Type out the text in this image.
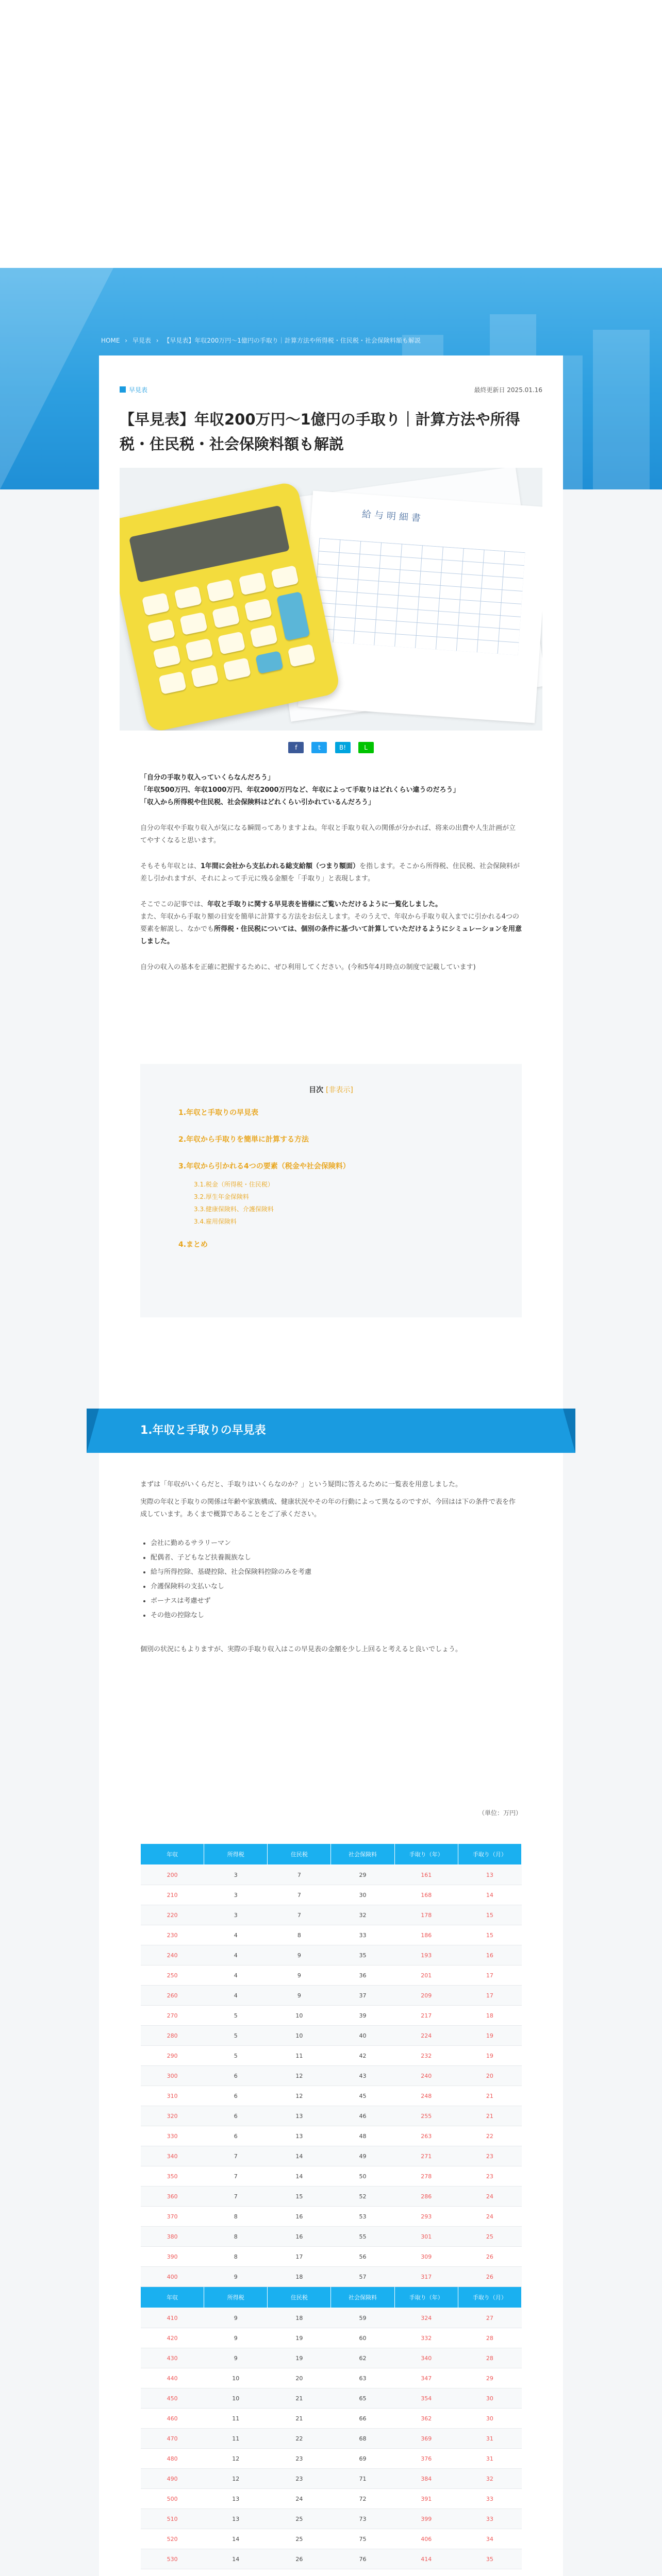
HOME › 早見表 › 【早見表】年収200万円〜1億円の手取り｜計算方法や所得税・住民税・社会保険料額も解説
早見表	最終更新日 2025.01.16
【早見表】年収200万円〜1億円の手取り｜計算方法や所得税・住民税・社会保険料額も解説
給与明細書
f	t	B!	L

「自分の手取り収入っていくらなんだろう」
「年収500万円、年収1000万円、年収2000万円など、年収によって手取りはどれくらい違うのだろう」
「収入から所得税や住民税、社会保険料はどれくらい引かれているんだろう」

自分の年収や手取り収入が気になる瞬間ってありますよね。年収と手取り収入の関係が分かれば、将来の出費や人生計画が立てやすくなると思います。

そもそも年収とは、1年間に会社から支払われる総支給額（つまり額面）を指します。そこから所得税、住民税、社会保険料が差し引かれますが、それによって手元に残る金額を「手取り」と表現します。

そこでこの記事では、年収と手取りに関する早見表を皆様にご覧いただけるように一覧化しました。
また、年収から手取り額の目安を簡単に計算する方法をお伝えします。そのうえで、年収から手取り収入までに引かれる4つの要素を解説し、なかでも所得税・住民税については、個別の条件に基づいて計算していただけるようにシミュレーションを用意しました。

自分の収入の基本を正確に把握するために、ぜひ利用してください。(今和5年4月時点の制度で記載しています)

目次 [非表示]
1.年収と手取りの早見表
2.年収から手取りを簡単に計算する方法
3.年収から引かれる4つの要素（税金や社会保険料）
3.1.税金（所得税・住民税）
3.2.厚生年金保険料
3.3.健康保険料、介護保険料
3.4.雇用保険料
4.まとめ
1.年収と手取りの早見表

まずは「年収がいくらだと、手取りはいくらなのか？」という疑問に答えるために一覧表を用意しました。

実際の年収と手取りの関係は年齢や家族構成、健康状況やその年の行動によって異なるのですが、今回はは下の条件で表を作成しています。あくまで概算であることをご了承ください。

• 会社に勤めるサラリーマン
• 配偶者、子どもなど扶養親族なし
• 給与所得控除、基礎控除、社会保険料控除のみを考慮
• 介護保険料の支払いなし
• ボーナスは考慮せず
• その他の控除なし

個別の状況にもよりますが、実際の手取り収入はこの早見表の金額を少し上回ると考えると良いでしょう。

（単位：万円）
年収	所得税	住民税	社会保険料	手取り（年）	手取り（月）
200	3	7	29	161	13
210	3	7	30	168	14
220	3	7	32	178	15
230	4	8	33	186	15
240	4	9	35	193	16
250	4	9	36	201	17
260	4	9	37	209	17
270	5	10	39	217	18
280	5	10	40	224	19
290	5	11	42	232	19
300	6	12	43	240	20
310	6	12	45	248	21
320	6	13	46	255	21
330	6	13	48	263	22
340	7	14	49	271	23
350	7	14	50	278	23
360	7	15	52	286	24
370	8	16	53	293	24
380	8	16	55	301	25
390	8	17	56	309	26
400	9	18	57	317	26
年収	所得税	住民税	社会保険料	手取り（年）	手取り（月）
410	9	18	59	324	27
420	9	19	60	332	28
430	9	19	62	340	28
440	10	20	63	347	29
450	10	21	65	354	30
460	11	21	66	362	30
470	11	22	68	369	31
480	12	23	69	376	31
490	12	23	71	384	32
500	13	24	72	391	33
510	13	25	73	399	33
520	14	25	75	406	34
530	14	26	76	414	35
